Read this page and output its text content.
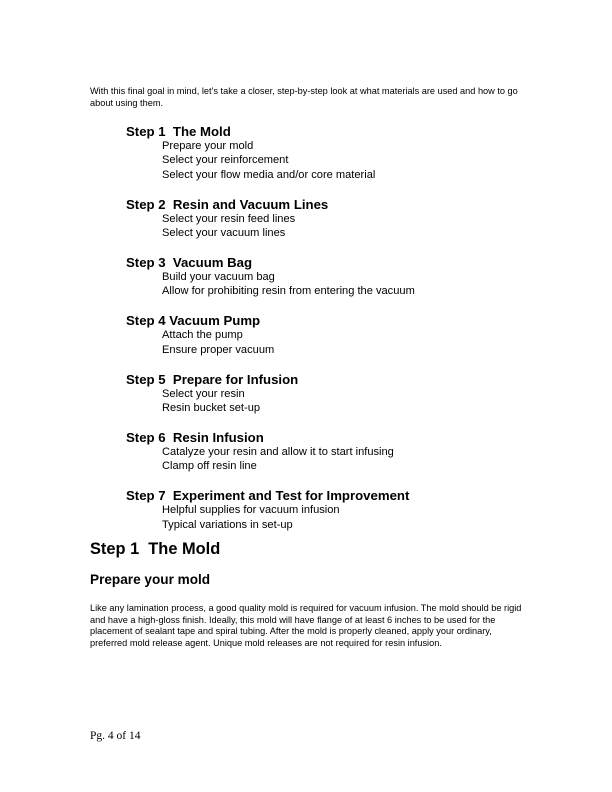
With this final goal in mind, let’s take a closer, step-by-step look at what materials are used and how to go about using them.

Step 1  The Mold
Prepare your mold
Select your reinforcement
Select your flow media and/or core material
Step 2  Resin and Vacuum Lines
Select your resin feed lines
Select your vacuum lines
Step 3  Vacuum Bag
Build your vacuum bag
Allow for prohibiting resin from entering the vacuum
Step 4 Vacuum Pump
Attach the pump
Ensure proper vacuum
Step 5  Prepare for Infusion
Select your resin
Resin bucket set-up
Step 6  Resin Infusion
Catalyze your resin and allow it to start infusing
Clamp off resin line
Step 7  Experiment and Test for Improvement
Helpful supplies for vacuum infusion
Typical variations in set-up
Step 1  The Mold
Prepare your mold

Like any lamination process, a good quality mold is required for vacuum infusion. The mold should be rigid and have a high-gloss finish. Ideally, this mold will have flange of at least 6 inches to be used for the placement of sealant tape and spiral tubing. After the mold is properly cleaned, apply your ordinary, preferred mold release agent. Unique mold releases are not required for resin infusion.

Pg. 4 of 14
